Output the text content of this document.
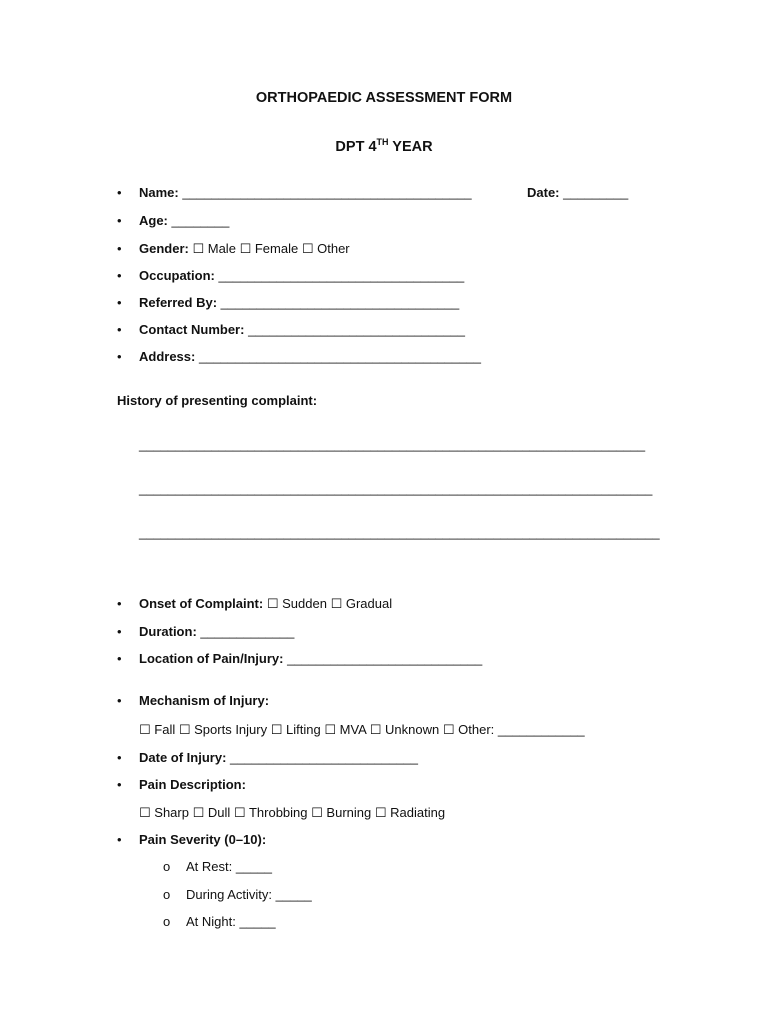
ORTHOPAEDIC ASSESSMENT FORM
DPT 4TH YEAR
• Name: ________________________________________	Date: _________
• Age: ________
• Gender: ☐ Male ☐ Female ☐ Other
• Occupation: __________________________________
• Referred By: _________________________________
• Contact Number: ______________________________
• Address: _______________________________________
History of presenting complaint:
______________________________________________________________________
_______________________________________________________________________
________________________________________________________________________
• Onset of Complaint: ☐ Sudden ☐ Gradual
• Duration: _____________
• Location of Pain/Injury: ___________________________
• Mechanism of Injury:
☐ Fall ☐ Sports Injury ☐ Lifting ☐ MVA ☐ Unknown ☐ Other: ____________
• Date of Injury: __________________________
• Pain Description:
☐ Sharp ☐ Dull ☐ Throbbing ☐ Burning ☐ Radiating
• Pain Severity (0–10):
o At Rest: _____
o During Activity: _____
o At Night: _____
